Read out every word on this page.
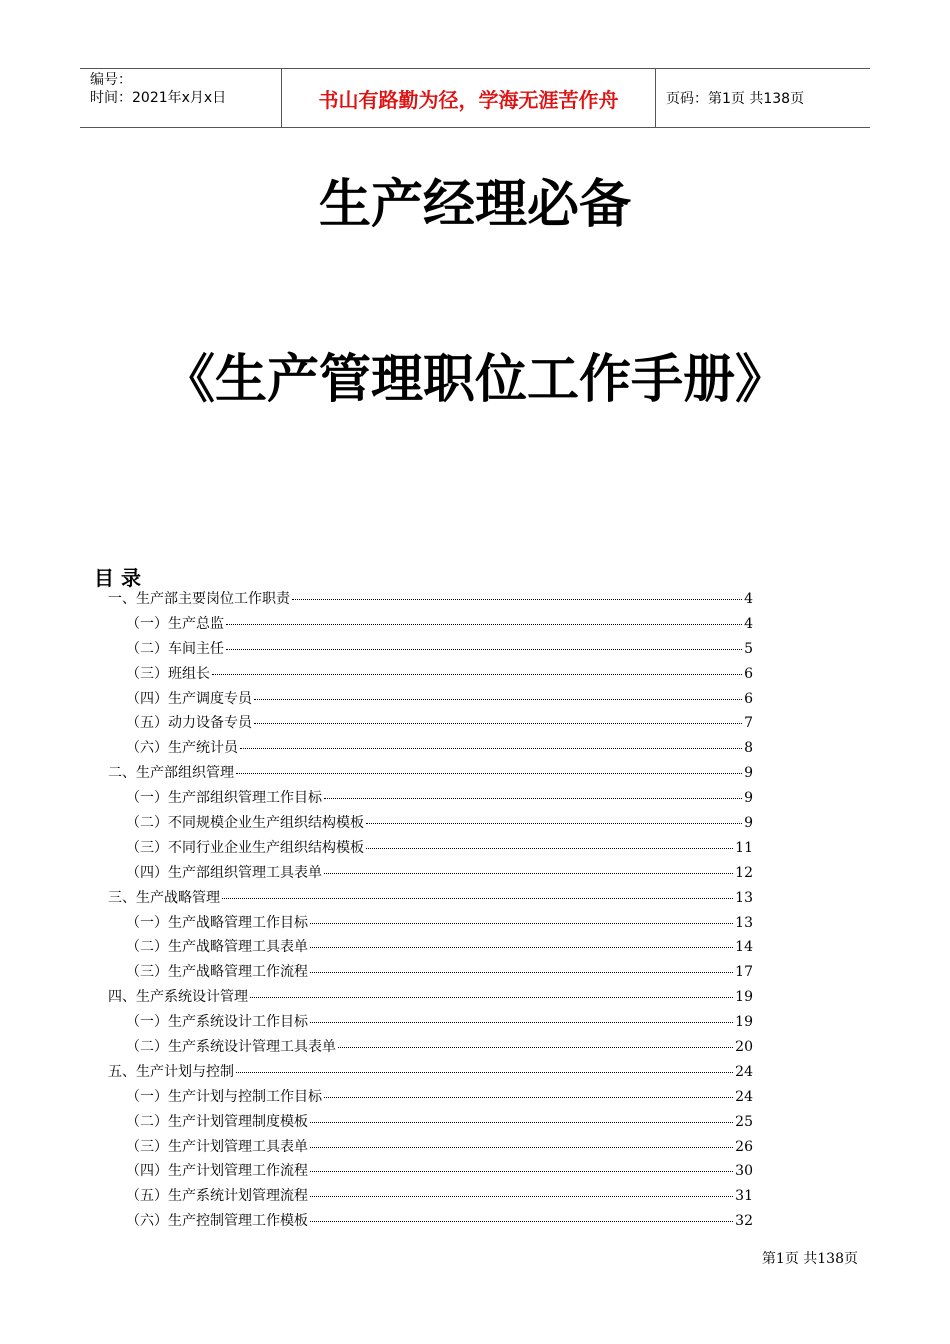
编号：
时间：2021年x月x日	书山有路勤为径，学海无涯苦作舟	页码：第1页 共138页
生产经理必备
《生产管理职位工作手册》
目 录
一、生产部主要岗位工作职责	4
（一）生产总监	4
（二）车间主任	5
（三）班组长	6
（四）生产调度专员	6
（五）动力设备专员	7
（六）生产统计员	8
二、生产部组织管理	9
（一）生产部组织管理工作目标	9
（二）不同规模企业生产组织结构模板	9
（三）不同行业企业生产组织结构模板	11
（四）生产部组织管理工具表单	12
三、生产战略管理	13
（一）生产战略管理工作目标	13
（二）生产战略管理工具表单	14
（三）生产战略管理工作流程	17
四、生产系统设计管理	19
（一）生产系统设计工作目标	19
（二）生产系统设计管理工具表单	20
五、生产计划与控制	24
（一）生产计划与控制工作目标	24
（二）生产计划管理制度模板	25
（三）生产计划管理工具表单	26
（四）生产计划管理工作流程	30
（五）生产系统计划管理流程	31
（六）生产控制管理工作模板	32
第1页 共138页
